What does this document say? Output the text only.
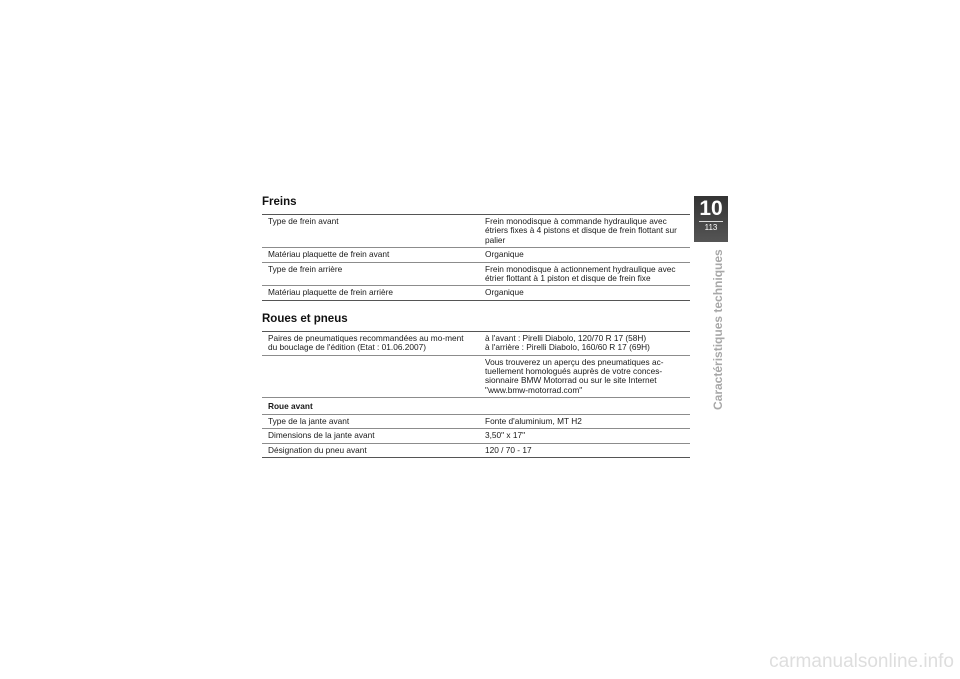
Freins
Type de frein avant	Frein monodisque à commande hydraulique avec étriers fixes à 4 pistons et disque de frein flottant sur palier
Matériau plaquette de frein avant	Organique
Type de frein arrière	Frein monodisque à actionnement hydraulique avec étrier flottant à 1 piston et disque de frein fixe
Matériau plaquette de frein arrière	Organique
Roues et pneus
Paires de pneumatiques recommandées au mo-ment du bouclage de l'édition (Etat : 01.06.2007)	à l'avant : Pirelli Diabolo, 120/70 R 17 (58H)
à l'arrière : Pirelli Diabolo, 160/60 R 17 (69H)

	Vous trouverez un aperçu des pneumatiques ac-tuellement homologués auprès de votre conces-sionnaire BMW Motorrad ou sur le site Internet "www.bmw-motorrad.com"
Roue avant	
Type de la jante avant	Fonte d'aluminium, MT H2
Dimensions de la jante avant	3,50" x 17"
Désignation du pneu avant	120 / 70 - 17
10
113
Caractéristiques techniques
carmanualsonline.info
